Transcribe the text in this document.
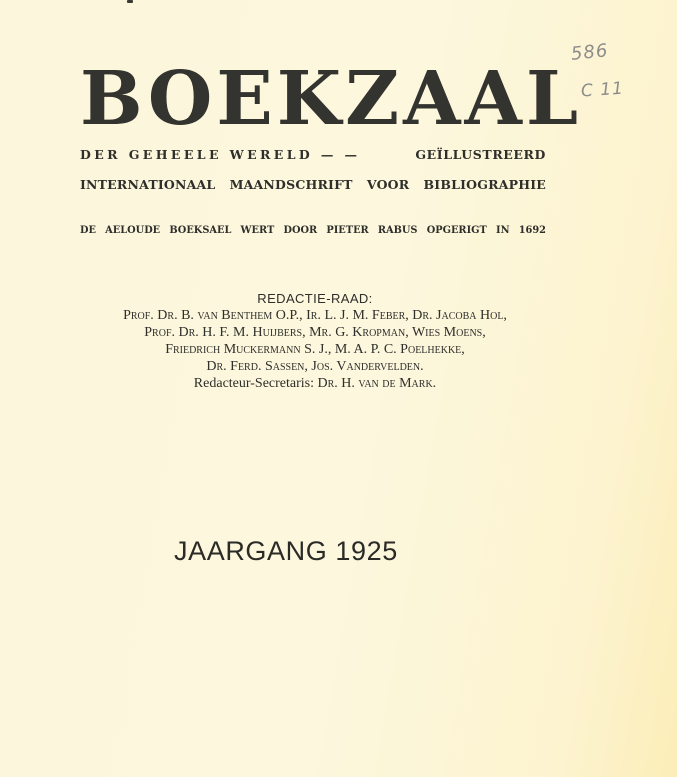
586
C 11
BOEKZAAL
DER GEHEELE WERELD — —	GEÏLLUSTREERD
INTERNATIONAAL MAANDSCHRIFT VOOR BIBLIOGRAPHIE
DE AELOUDE BOEKSAEL WERT DOOR PIETER RABUS OPGERIGT IN 1692
REDACTIE-RAAD:
Prof. Dr. B. van Benthem O.P., Ir. L. J. M. Feber, Dr. Jacoba Hol,
Prof. Dr. H. F. M. Huijbers, Mr. G. Kropman, Wies Moens,
Friedrich Muckermann S. J., M. A. P. C. Poelhekke,
Dr. Ferd. Sassen, Jos. Vandervelden.
Redacteur-Secretaris: Dr. H. van de Mark.
JAARGANG 1925
